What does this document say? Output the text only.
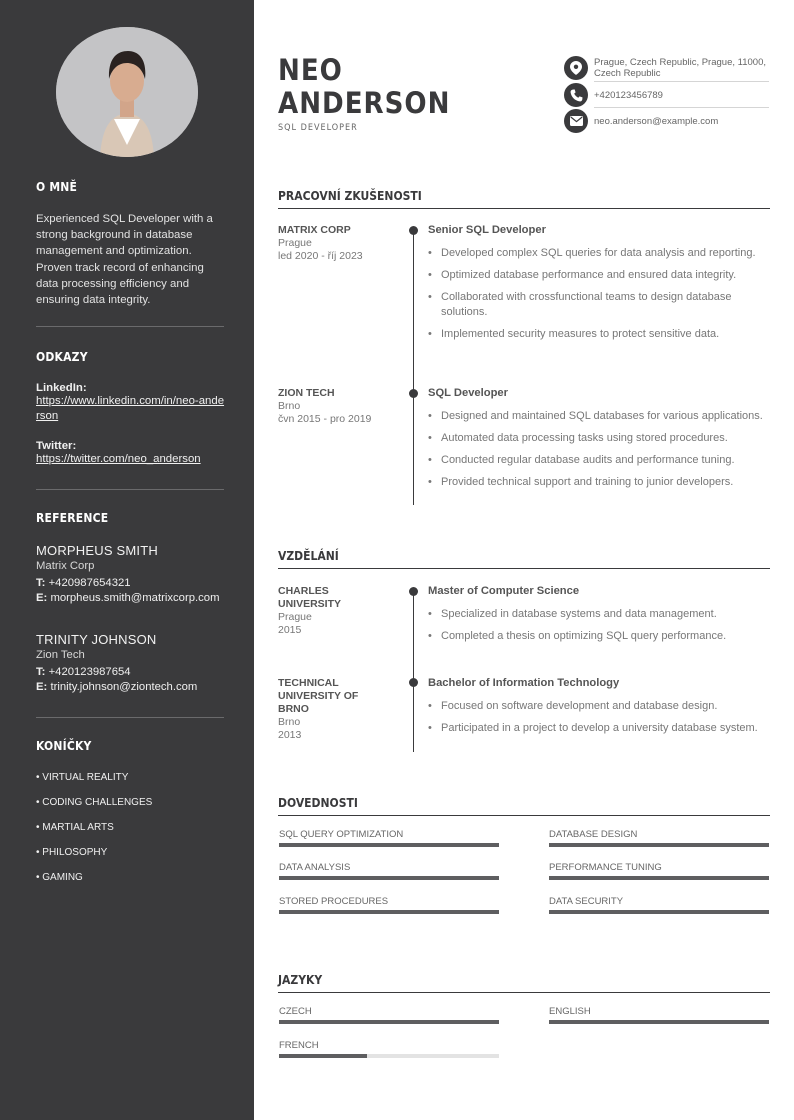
O MNĚ
Experienced SQL Developer with a strong background in database management and optimization. Proven track record of enhancing data processing efficiency and ensuring data integrity.
ODKAZY
LinkedIn:
https://www.linkedin.com/in/neo-anderson
Twitter:
https://twitter.com/neo_anderson
REFERENCE
MORPHEUS SMITH
Matrix Corp
T: +420987654321
E: morpheus.smith@matrixcorp.com
TRINITY JOHNSON
Zion Tech
T: +420123987654
E: trinity.johnson@ziontech.com
KONÍČKY
• VIRTUAL REALITY
• CODING CHALLENGES
• MARTIAL ARTS
• PHILOSOPHY
• GAMING
NEO
ANDERSON
SQL DEVELOPER
Prague, Czech Republic, Prague, 11000, Czech Republic
+420123456789
neo.anderson@example.com
PRACOVNÍ ZKUŠENOSTI
MATRIX CORP
Prague
led 2020 - říj 2023
Senior SQL Developer
• Developed complex SQL queries for data analysis and reporting.
• Optimized database performance and ensured data integrity.
• Collaborated with crossfunctional teams to design database solutions.
• Implemented security measures to protect sensitive data.
ZION TECH
Brno
čvn 2015 - pro 2019
SQL Developer
• Designed and maintained SQL databases for various applications.
• Automated data processing tasks using stored procedures.
• Conducted regular database audits and performance tuning.
• Provided technical support and training to junior developers.
VZDĚLÁNÍ
CHARLES UNIVERSITY
Prague
2015
Master of Computer Science
• Specialized in database systems and data management.
• Completed a thesis on optimizing SQL query performance.
TECHNICAL UNIVERSITY OF BRNO
Brno
2013
Bachelor of Information Technology
• Focused on software development and database design.
• Participated in a project to develop a university database system.
DOVEDNOSTI
SQL QUERY OPTIMIZATION	DATABASE DESIGN
DATA ANALYSIS	PERFORMANCE TUNING
STORED PROCEDURES	DATA SECURITY
JAZYKY
CZECH	ENGLISH
FRENCH
